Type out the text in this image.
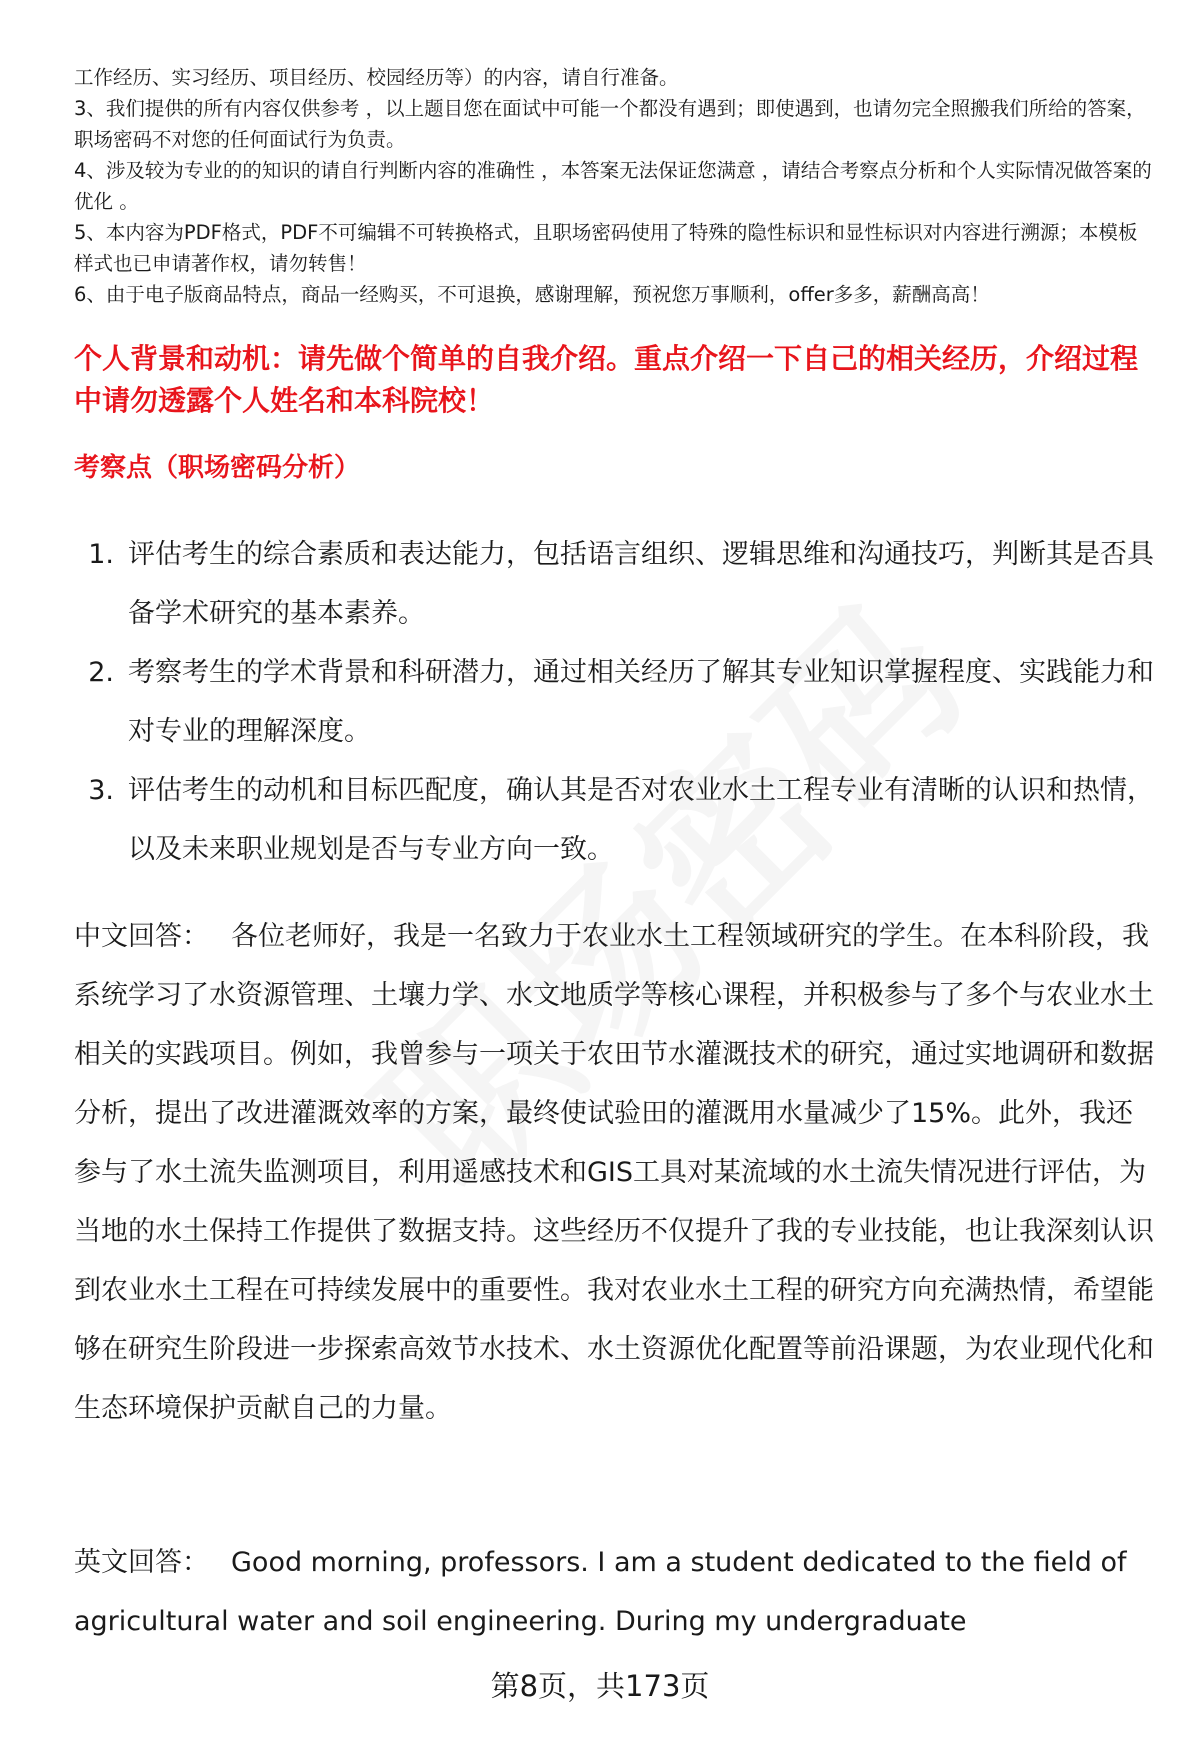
工作经历、实习经历、项目经历、校园经历等）的内容，请自行准备。

3、我们提供的所有内容仅供参考 ，以上题目您在面试中可能一个都没有遇到；即使遇到，也请勿完全照搬我们所给的答案，职场密码不对您的任何面试行为负责。

4、涉及较为专业的的知识的请自行判断内容的准确性 ，本答案无法保证您满意 ，请结合考察点分析和个人实际情况做答案的优化 。

5、本内容为PDF格式，PDF不可编辑不可转换格式，且职场密码使用了特殊的隐性标识和显性标识对内容进行溯源；本模板样式也已申请著作权，请勿转售！

6、由于电子版商品特点，商品一经购买，不可退换，感谢理解，预祝您万事顺利，offer多多，薪酬高高！

个人背景和动机：请先做个简单的自我介绍。重点介绍一下自己的相关经历，介绍过程中请勿透露个人姓名和本科院校！
考察点（职场密码分析）
1. 评估考生的综合素质和表达能力，包括语言组织、逻辑思维和沟通技巧，判断其是否具备学术研究的基本素养。
2. 考察考生的学术背景和科研潜力，通过相关经历了解其专业知识掌握程度、实践能力和对专业的理解深度。
3. 评估考生的动机和目标匹配度，确认其是否对农业水土工程专业有清晰的认识和热情，以及未来职业规划是否与专业方向一致。

中文回答： 各位老师好，我是一名致力于农业水土工程领域研究的学生。在本科阶段，我系统学习了水资源管理、土壤力学、水文地质学等核心课程，并积极参与了多个与农业水土相关的实践项目。例如，我曾参与一项关于农田节水灌溉技术的研究，通过实地调研和数据分析，提出了改进灌溉效率的方案，最终使试验田的灌溉用水量减少了15%。此外，我还参与了水土流失监测项目，利用遥感技术和GIS工具对某流域的水土流失情况进行评估，为当地的水土保持工作提供了数据支持。这些经历不仅提升了我的专业技能，也让我深刻认识到农业水土工程在可持续发展中的重要性。我对农业水土工程的研究方向充满热情，希望能够在研究生阶段进一步探索高效节水技术、水土资源优化配置等前沿课题，为农业现代化和生态环境保护贡献自己的力量。

英文回答： Good morning, professors. I am a student dedicated to the field of agricultural water and soil engineering. During my undergraduate

第8页，共173页
